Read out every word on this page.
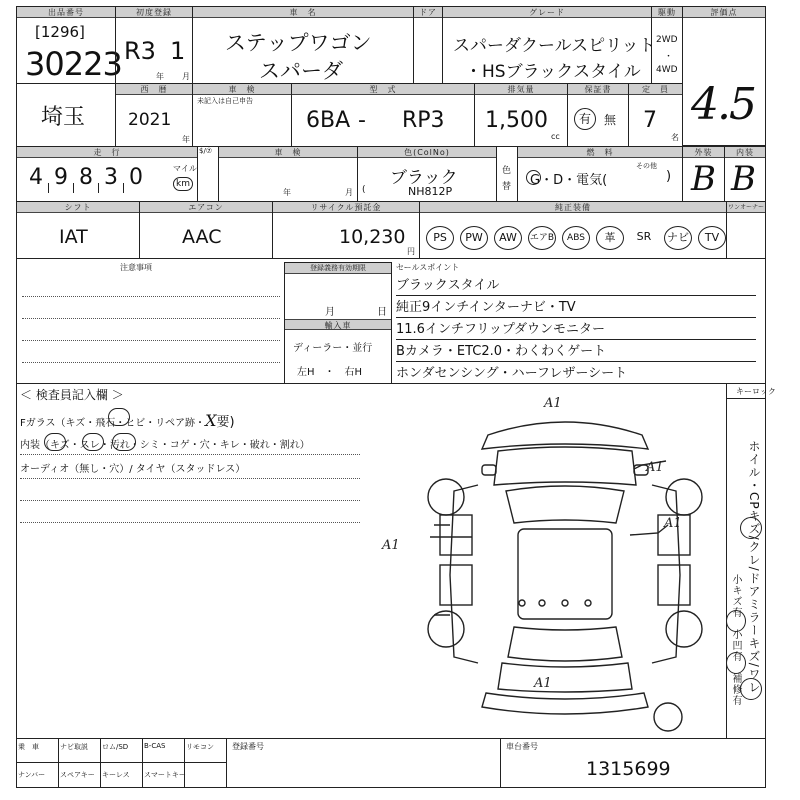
出品番号
[1296]
30223
初度登録
R3 1
年 月
車　名
ステップワゴン
スパーダ
ドア	グレード
スパーダクールスピリット
・HSブラックスタイル
駆動
2WD
・
4WD
評価点
4.5
埼玉
西　暦
2021
年
車　検
未記入は自己申告
型　式
6BA - RP3
排気量
1,500
cc
保証書
有	無
定　員
7
名
走　行
4 9 8 3 0	マイル
km
$/⑦	車　検
年	月
色(ColNo)
ブラック
(	NH812P
色
替
燃　料
G・D・電気(
その他
)
外装
B
内装
B
シフト
IAT
エアコン
AAC
リサイクル預託金
10,230
円
純正装備
PS	PW	AW	エアB	ABS	革	SR	ナビ	TV
ワンオーナー
注意事項	登録義務有効期限
月	日
輸入車
ディーラー・並行
左H　・　右H
セールスポイント
ブラックスタイル
純正9インチインターナビ・TV
11.6インチフリップダウンモニター
Bカメラ・ETC2.0・わくわくゲート
ホンダセンシング・ハーフレザーシート
＜ 検査員記入欄 ＞
Fガラス（キズ・飛石・ヒビ・リペア跡・X要)
内装（キズ・スレ・汚れ・シミ・コゲ・穴・キレ・破れ・割れ）
オーディオ（無し・穴）/ タイヤ（スタッドレス）
キーロック
ホイル・CPキズ/クレ/ドアミラーキズ/ワレ
小キズ有　小凹有　補修有
A1
A1
A1
A1
A1
乗　車	ナビ取説 ロム/SD B-CAS	リモコン
ナンバー スペアキー キーレス スマートキー
登録番号	車台番号
1315699
